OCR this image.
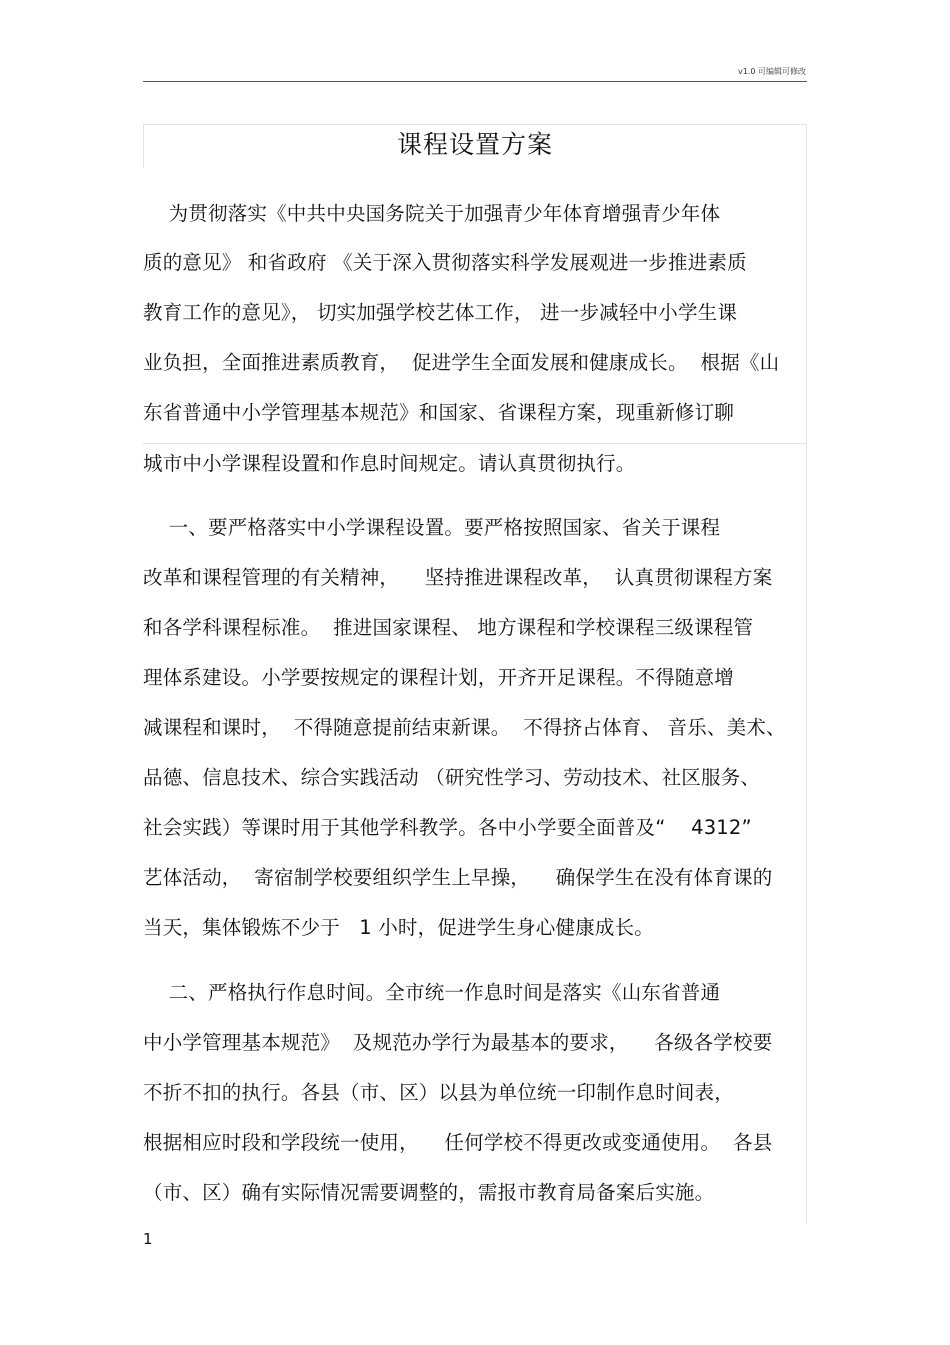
v1.0 可编辑可修改
课程设置方案
为贯彻落实《中共中央国务院关于加强青少年体育增强青少年体
质的意见》 和省政府 《关于深入贯彻落实科学发展观进一步推进素质
教育工作的意见》， 切实加强学校艺体工作， 进一步减轻中小学生课
业负担，全面推进素质教育，  促进学生全面发展和健康成长。  根据《山
东省普通中小学管理基本规范》和国家、省课程方案，现重新修订聊
城市中小学课程设置和作息时间规定。请认真贯彻执行。
一、要严格落实中小学课程设置。要严格按照国家、省关于课程
改革和课程管理的有关精神，    坚持推进课程改革，  认真贯彻课程方案
和各学科课程标准。  推进国家课程、 地方课程和学校课程三级课程管
理体系建设。小学要按规定的课程计划，开齐开足课程。不得随意增
减课程和课时，  不得随意提前结束新课。  不得挤占体育、 音乐、美术、
品德、信息技术、综合实践活动 （研究性学习、劳动技术、社区服务、
社会实践）等课时用于其他学科教学。各中小学要全面普及“    4312”
艺体活动，  寄宿制学校要组织学生上早操，    确保学生在没有体育课的
当天，集体锻炼不少于   1 小时，促进学生身心健康成长。
二、严格执行作息时间。全市统一作息时间是落实《山东省普通
中小学管理基本规范》  及规范办学行为最基本的要求，    各级各学校要
不折不扣的执行。各县（市、区）以县为单位统一印制作息时间表，
根据相应时段和学段统一使用，    任何学校不得更改或变通使用。  各县
（市、区）确有实际情况需要调整的，需报市教育局备案后实施。
1
